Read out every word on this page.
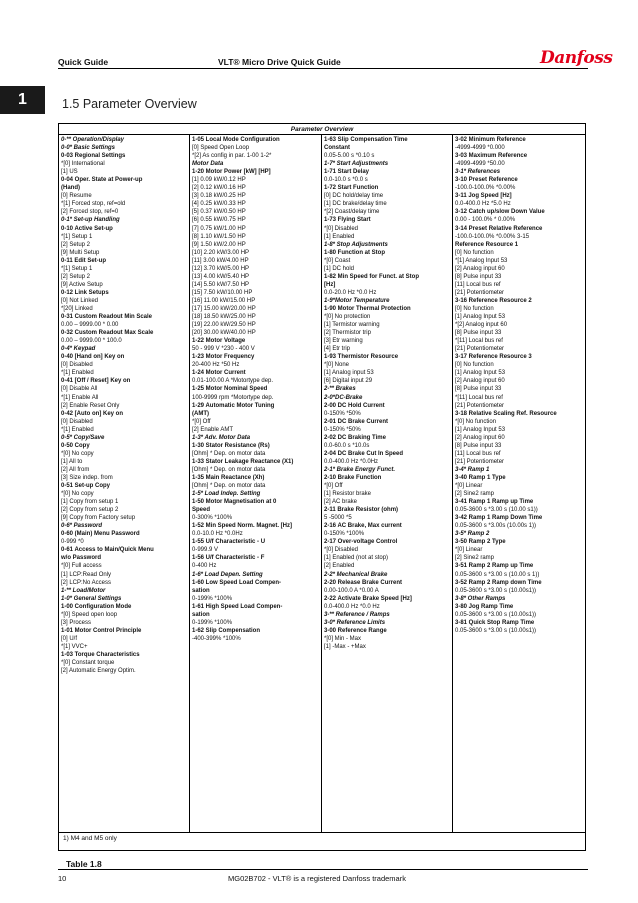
Quick Guide	VLT® Micro Drive Quick Guide	Danfoss
1	1.5 Parameter Overview
Parameter Overview
0-** Operation/Display
0-0* Basic Settings
0-03 Regional Settings
*[0] International
[1] US
0-04 Oper. State at Power-up
(Hand)
[0] Resume
*[1] Forced stop, ref=old
[2] Forced stop, ref=0
0-1* Set-up Handling
0-10 Active Set-up
*[1] Setup 1
[2] Setup 2
[9] Multi Setup
0-11 Edit Set-up
*[1] Setup 1
[2] Setup 2
[9] Active Setup
0-12 Link Setups
[0] Not Linked
*[20] Linked
0-31 Custom Readout Min Scale
0.00 – 9999.00 * 0.00
0-32 Custom Readout Max Scale
0.00 – 9999.00 * 100.0
0-4* Keypad
0-40 [Hand on] Key on
[0] Disabled
*[1] Enabled
0-41 [Off / Reset] Key on
[0] Disable All
*[1] Enable All
[2] Enable Reset Only
0-42 [Auto on] Key on
[0] Disabled
*[1] Enabled
0-5* Copy/Save
0-50 Copy
*[0] No copy
[1] All to
[2] All from
[3] Size indep. from
0-51 Set-up Copy
*[0] No copy
[1] Copy from setup 1
[2] Copy from setup 2
[9] Copy from Factory setup
0-6* Password
0-60 (Main) Menu Password
0-999 *0
0-61 Access to Main/Quick Menu
w/o Password
*[0] Full access
[1] LCP:Read Only
[2] LCP:No Access
1-** Load/Motor
1-0* General Settings
1-00 Configuration Mode
*[0] Speed open loop
[3] Process
1-01 Motor Control Principle
[0] U/f
*[1] VVC+
1-03 Torque Characteristics
*[0] Constant torque
[2] Automatic Energy Optim.
1-05 Local Mode Configuration
[0] Speed Open Loop
*[2] As config in par. 1-00 1-2*
Motor Data
1-20 Motor Power [kW] [HP]
[1] 0.09 kW/0.12 HP
[2] 0.12 kW/0.16 HP
[3] 0.18 kW/0.25 HP
[4] 0.25 kW/0.33 HP
[5] 0.37 kW/0.50 HP
[6] 0.55 kW/0.75 HP
[7] 0.75 kW/1.00 HP
[8] 1.10 kW/1.50 HP
[9] 1.50 kW/2.00 HP
[10] 2.20 kW/3.00 HP
[11] 3.00 kW/4.00 HP
[12] 3.70 kW/5.00 HP
[13] 4.00 kW/5.40 HP
[14] 5.50 kW/7.50 HP
[15] 7.50 kW/10.00 HP
[16] 11.00 kW/15.00 HP
[17] 15.00 kW/20.00 HP
[18] 18.50 kW/25.00 HP
[19] 22.00 kW/29.50 HP
[20] 30.00 kW/40.00 HP
1-22 Motor Voltage
50 - 999 V *230 - 400 V
1-23 Motor Frequency
20-400 Hz *50 Hz
1-24 Motor Current
0.01-100.00 A *Motortype dep.
1-25 Motor Nominal Speed
100-9999 rpm *Motortype dep.
1-29 Automatic Motor Tuning
(AMT)
*[0] Off
[2] Enable AMT
1-3* Adv. Motor Data
1-30 Stator Resistance (Rs)
[Ohm] * Dep. on motor data
1-33 Stator Leakage Reactance (X1)
[Ohm] * Dep. on motor data
1-35 Main Reactance (Xh)
[Ohm] * Dep. on motor data
1-5* Load Indep. Setting
1-50 Motor Magnetisation at 0
Speed
0-300% *100%
1-52 Min Speed Norm. Magnet. [Hz]
0.0-10.0 Hz *0.0Hz
1-55 U/f Characteristic - U
0-999.9 V
1-56 U/f Characteristic - F
0-400 Hz
1-6* Load Depen. Setting
1-60 Low Speed Load Compen-
sation
0-199% *100%
1-61 High Speed Load Compen-
sation
0-199% *100%
1-62 Slip Compensation
-400-399% *100%
1-63 Slip Compensation Time
Constant
0.05-5.00 s *0.10 s
1-7* Start Adjustments
1-71 Start Delay
0.0-10.0 s *0.0 s
1-72 Start Function
[0] DC hold/delay time
[1] DC brake/delay time
*[2] Coast/delay time
1-73 Flying Start
*[0] Disabled
[1] Enabled
1-8* Stop Adjustments
1-80 Function at Stop
*[0] Coast
[1] DC hold
1-82 Min Speed for Funct. at Stop
[Hz]
0.0-20.0 Hz *0.0 Hz
1-9*Motor Temperature
1-90 Motor Thermal Protection
*[0] No protection
[1] Termistor warning
[2] Thermistor trip
[3] Etr warning
[4] Etr trip
1-93 Thermistor Resource
*[0] None
[1] Analog input 53
[6] Digital input 29
2-** Brakes
2-0*DC-Brake
2-00 DC Hold Current
0-150% *50%
2-01 DC Brake Current
0-150% *50%
2-02 DC Braking Time
0.0-60.0 s *10.0s
2-04 DC Brake Cut In Speed
0.0-400.0 Hz *0.0Hz
2-1* Brake Energy Funct.
2-10 Brake Function
*[0] Off
[1] Resistor brake
[2] AC brake
2-11 Brake Resistor (ohm)
5 -5000 *5
2-16 AC Brake, Max current
0-150% *100%
2-17 Over-voltage Control
*[0] Disabled
[1] Enabled (not at stop)
[2] Enabled
2-2* Mechanical Brake
2-20 Release Brake Current
0.00-100.0 A *0.00 A
2-22 Activate Brake Speed [Hz]
0.0-400.0 Hz *0.0 Hz
3-** Reference / Ramps
3-0* Reference Limits
3-00 Reference Range
*[0] Min - Max
[1] -Max - +Max
3-02 Minimum Reference
-4999-4999 *0.000
3-03 Maximum Reference
-4999-4999 *50.00
3-1* References
3-10 Preset Reference
-100.0-100.0% *0.00%
3-11 Jog Speed [Hz]
0.0-400.0 Hz *5.0 Hz
3-12 Catch up/slow Down Value
0.00 - 100.0% * 0.00%
3-14 Preset Relative Reference
-100.0-100.0% *0.00% 3-15
Reference Resource 1
[0] No function
*[1] Analog Input 53
[2] Analog input 60
[8] Pulse input 33
[11] Local bus ref
[21] Potentiometer
3-16 Reference Resource 2
[0] No function
[1] Analog Input 53
*[2] Analog input 60
[8] Pulse input 33
*[11] Local bus ref
[21] Potentiometer
3-17 Reference Resource 3
[0] No function
[1] Analog Input 53
[2] Analog input 60
[8] Pulse input 33
*[11] Local bus ref
[21] Potentiometer
3-18 Relative Scaling Ref. Resource
*[0] No function
[1] Analog Input 53
[2] Analog input 60
[8] Pulse input 33
[11] Local bus ref
[21] Potentiometer
3-4* Ramp 1
3-40 Ramp 1 Type
*[0] Linear
[2] Sine2 ramp
3-41 Ramp 1 Ramp up Time
0.05-3600 s *3.00 s (10.00 s1))
3-42 Ramp 1 Ramp Down Time
0.05-3600 s *3.00s (10.00s 1))
3-5* Ramp 2
3-50 Ramp 2 Type
*[0] Linear
[2] Sine2 ramp
3-51 Ramp 2 Ramp up Time
0.05-3600 s *3.00 s (10.00 s 1))
3-52 Ramp 2 Ramp down Time
0.05-3600 s *3.00 s (10.00s1))
3-8* Other Ramps
3-80 Jog Ramp Time
0.05-3600 s *3.00 s (10.00s1))
3-81 Quick Stop Ramp Time
0.05-3600 s *3.00 s (10.00s1))
1) M4 and M5 only
Table 1.8
10	MG02B702 - VLT® is a registered Danfoss trademark
